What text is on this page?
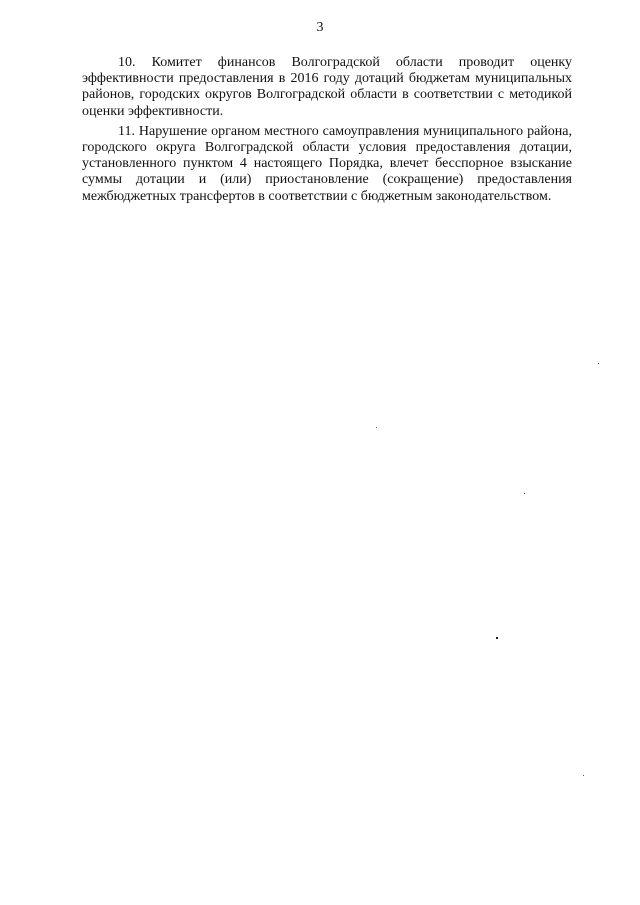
3

10. Комитет финансов Волгоградской области проводит оценку эффективности предоставления в 2016 году дотаций бюджетам муниципальных районов, городских округов Волгоградской области в соответствии с методикой оценки эффективности.

11. Нарушение органом местного самоуправления муниципального района, городского округа Волгоградской области условия предоставления дотации, установленного пунктом 4 настоящего Порядка, влечет бесспорное взыскание суммы дотации и (или) приостановление (сокращение) предоставления межбюджетных трансфертов в соответствии с бюджетным законодательством.
